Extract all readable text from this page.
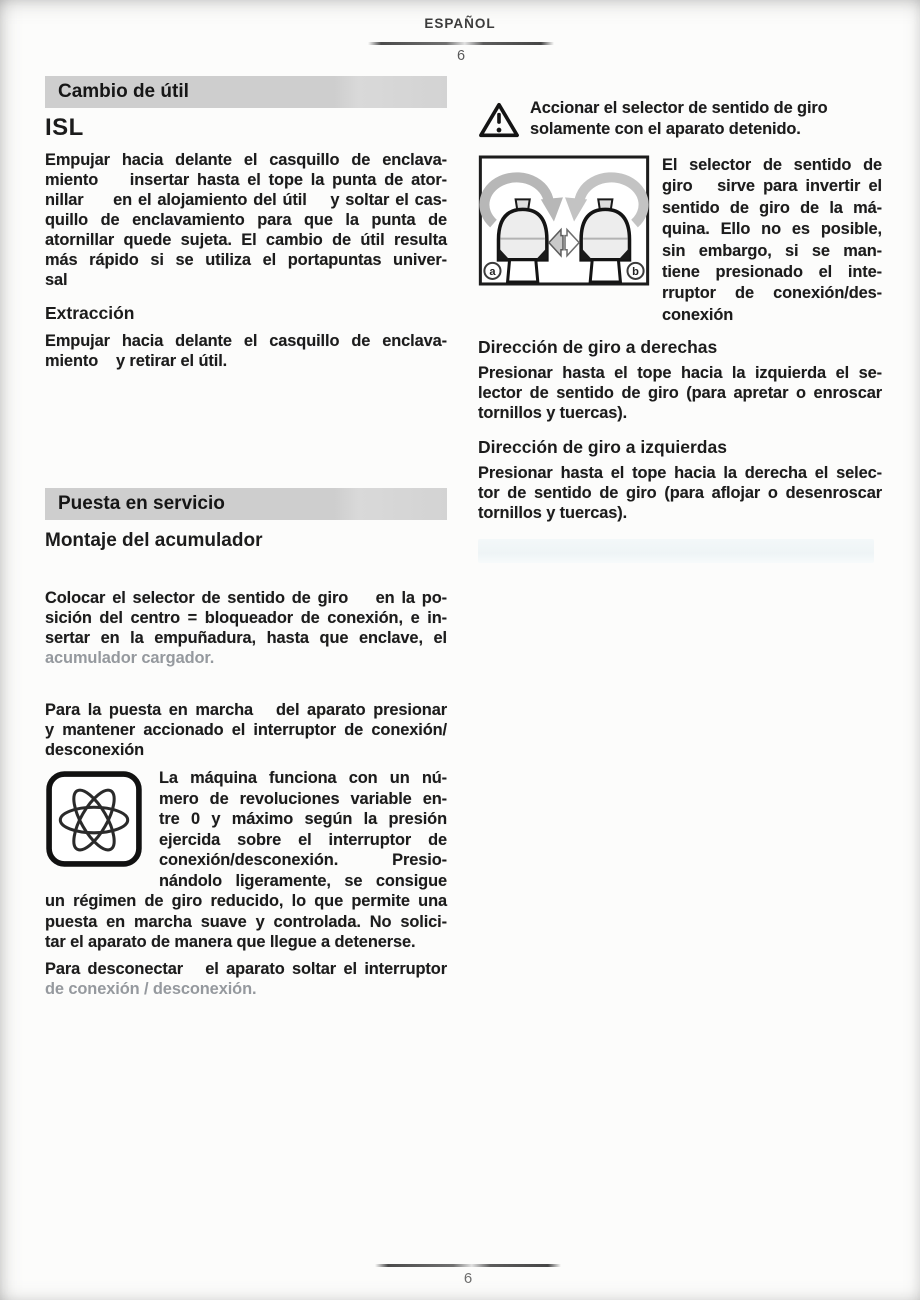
ESPAÑOL
6
Cambio de útil
ISL
Empujar hacia delante el casquillo de enclava-
miento    insertar hasta el tope la punta de ator-
nillar     en el alojamiento del útil    y soltar el cas-
quillo de enclavamiento para que la punta de
atornillar quede sujeta. El cambio de útil resulta
más rápido si se utiliza el portapuntas univer-
sal
Extracción
Empujar hacia delante el casquillo de enclava-
miento    y retirar el útil.
Puesta en servicio
Montaje del acumulador
Colocar el selector de sentido de giro    en la po-
sición del centro = bloqueador de conexión, e in-
sertar en la empuñadura, hasta que enclave, el
acumulador cargador.
Para la puesta en marcha   del aparato presionar
y mantener accionado el interruptor de conexión/
desconexión
La máquina funciona con un nú-
mero de revoluciones variable en-
tre 0 y máximo según la presión
ejercida sobre el interruptor de
conexión/desconexión. Presio-
nándolo ligeramente, se consigue
un régimen de giro reducido, lo que permite una
puesta en marcha suave y controlada. No solici-
tar el aparato de manera que llegue a detenerse.
Para desconectar   el aparato soltar el interruptor
de conexión / desconexión.
Accionar el selector de sentido de giro
solamente con el aparato detenido.
a	b
El selector de sentido de
giro   sirve para invertir el
sentido de giro de la má-
quina. Ello no es posible,
sin embargo, si se man-
tiene presionado el inte-
rruptor de conexión/des-
conexión
Dirección de giro a derechas
Presionar hasta el tope hacia la izquierda el se-
lector de sentido de giro (para apretar o enroscar
tornillos y tuercas).
Dirección de giro a izquierdas
Presionar hasta el tope hacia la derecha el selec-
tor de sentido de giro (para aflojar o desenroscar
tornillos y tuercas).
6
